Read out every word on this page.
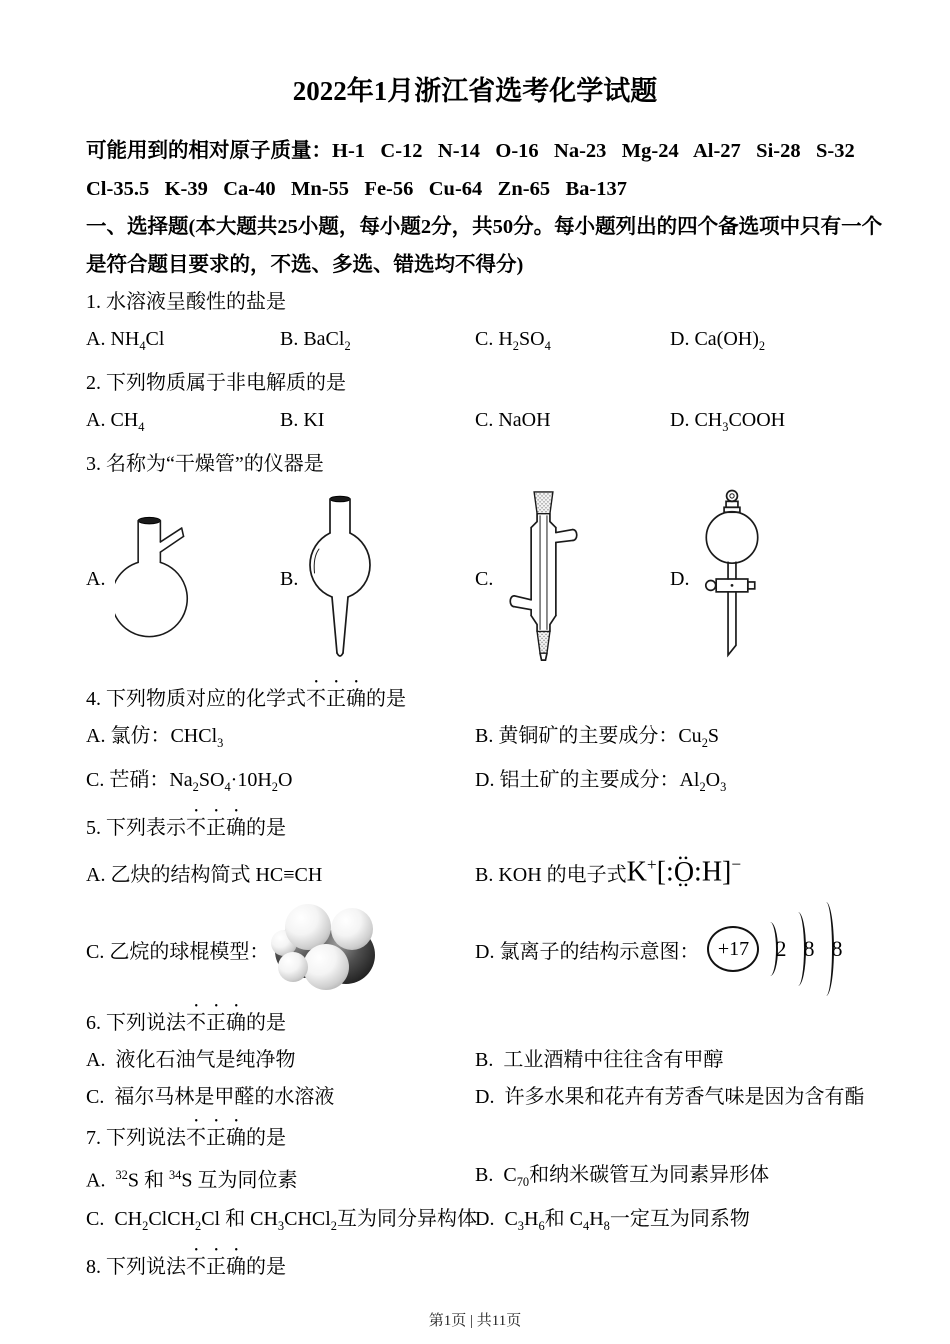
2022年1月浙江省选考化学试题

可能用到的相对原子质量：H-1   C-12   N-14   O-16   Na-23   Mg-24   Al-27   Si-28   S-32

Cl-35.5   K-39   Ca-40   Mn-55   Fe-56   Cu-64   Zn-65   Ba-137

一、选择题(本大题共25小题，每小题2分，共50分。每小题列出的四个备选项中只有一个

是符合题目要求的，不选、多选、错选均不得分)

1. 水溶液呈酸性的盐是

A. $NH_4Cl$	B. BaCl$_2$	C. $H_2SO_4$	D. $Ca(OH)_2$

2. 下列物质属于非电解质的是

A. $CH_4$	B. KI	C. NaOH	D. $CH_3COOH$

3. 名称为“干燥管”的仪器是

A.	B.	C.	D.

4. 下列物质对应的化学式不正确的是

A. 氯仿：CHCl$_3$	B. 黄铜矿的主要成分：$Cu_2S$
C. 芒硝：$Na_2SO_4\cdot 10H_2O$	D. 铝土矿的主要成分：$Al_2O_3$

5. 下列表示不正确的是

A. 乙炔的结构简式 HC≡CH	B. KOH 的电子式 K+[:•• O ••:H]−
C. 乙烷的球棍模型：

	D. 氯离子的结构示意图： +17	2 8 8

6. 下列说法不正确的是

A.  液化石油气是纯净物	B.  工业酒精中往往含有甲醇
C.  福尔马林是甲醛的水溶液	D.  许多水果和花卉有芳香气味是因为含有酯

7. 下列说法不正确的是

A.  $^{32}$S 和 $^{34}$S 互为同位素	B.  $C_{70}$和纳米碳管互为同素异形体
C.  $CH_2ClCH_2Cl$ 和 $CH_3CHCl_2$互为同分异构体
D.  $C_3H_6$和 $C_4H_8$一定互为同系物

8. 下列说法不正确的是

第1页 | 共11页
